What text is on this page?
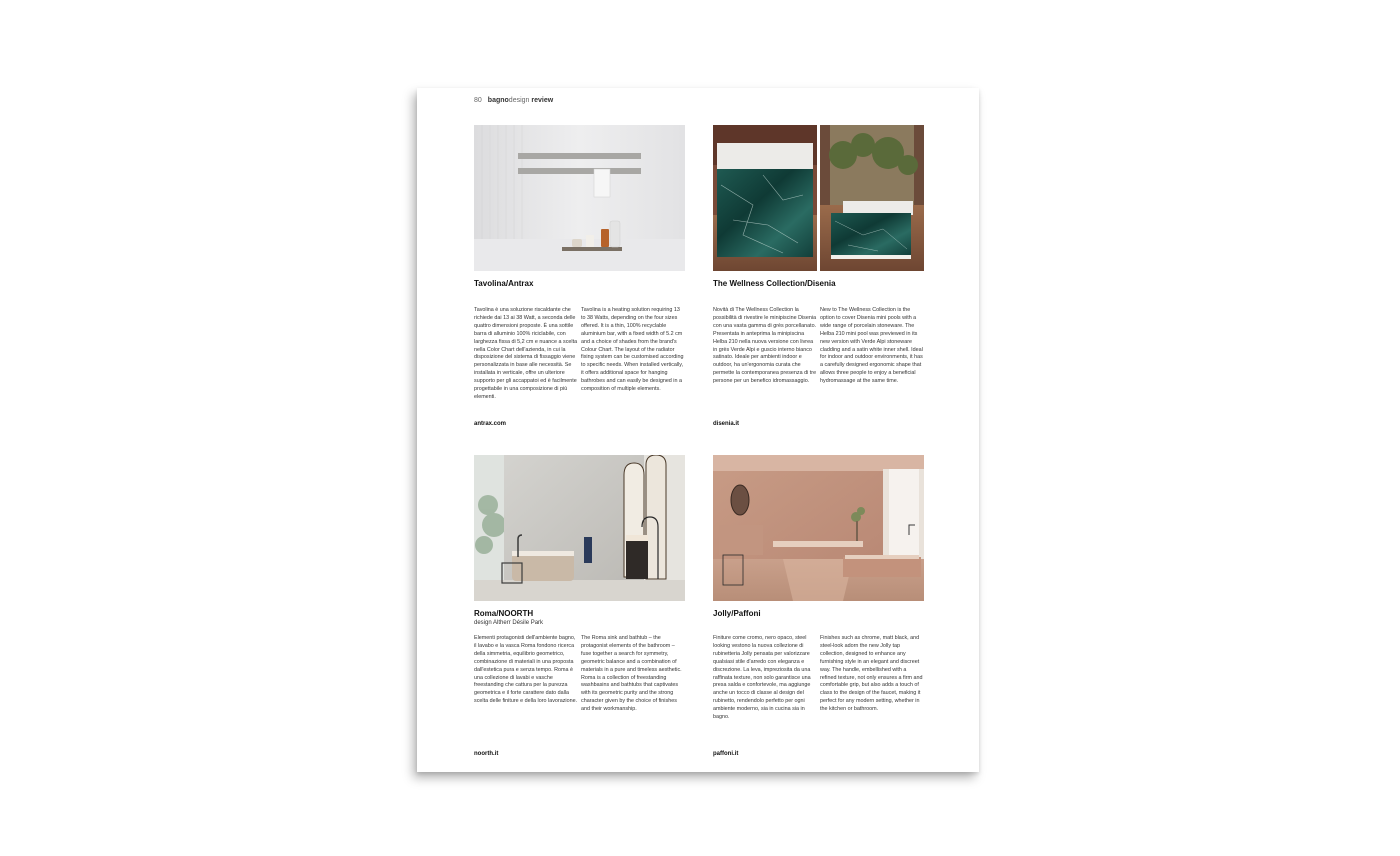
80 bagnodesign review
Tavolina/Antrax
Tavolina è una soluzione riscaldante che richiede dai 13 ai 38 Watt, a seconda delle quattro dimensioni proposte. È una sottile barra di alluminio 100% riciclabile, con larghezza fissa di 5,2 cm e nuance a scelta nella Color Chart dell'azienda, in cui la disposizione del sistema di fissaggio viene personalizzata in base alle necessità. Se installata in verticale, offre un ulteriore supporto per gli accappatoi ed è facilmente progettabile in una composizione di più elementi.
Tavolina is a heating solution requiring 13 to 38 Watts, depending on the four sizes offered. It is a thin, 100% recyclable aluminium bar, with a fixed width of 5.2 cm and a choice of shades from the brand's Colour Chart. The layout of the radiator fixing system can be customised according to specific needs. When installed vertically, it offers additional space for hanging bathrobes and can easily be designed in a composition of multiple elements.
antrax.com
The Wellness Collection/Disenia
Novità di The Wellness Collection la possibilità di rivestire le minipiscine Disenia con una vasta gamma di grès porcellanato. Presentata in anteprima la minipiscina Helba 210 nella nuova versione con livrea in grès Verde Alpi e guscio interno bianco satinato. Ideale per ambienti indoor e outdoor, ha un'ergonomia curata che permette la contemporanea presenza di tre persone per un benefico idromassaggio.
New to The Wellness Collection is the option to cover Disenia mini pools with a wide range of porcelain stoneware. The Helba 210 mini pool was previewed in its new version with Verde Alpi stoneware cladding and a satin white inner shell. Ideal for indoor and outdoor environments, it has a carefully designed ergonomic shape that allows three people to enjoy a beneficial hydromassage at the same time.
disenia.it
Roma/NOORTH
design Altherr Désile Park
Elementi protagonisti dell'ambiente bagno, il lavabo e la vasca Roma fondono ricerca della simmetria, equilibrio geometrico, combinazione di materiali in una proposta dall'estetica pura e senza tempo. Roma è una collezione di lavabi e vasche freestanding che cattura per la purezza geometrica e il forte carattere dato dalla scelta delle finiture e della loro lavorazione.
The Roma sink and bathtub – the protagonist elements of the bathroom – fuse together a search for symmetry, geometric balance and a combination of materials in a pure and timeless aesthetic. Roma is a collection of freestanding washbasins and bathtubs that captivates with its geometric purity and the strong character given by the choice of finishes and their workmanship.
noorth.it
Jolly/Paffoni
Finiture come cromo, nero opaco, steel looking vestono la nuova collezione di rubinetteria Jolly pensata per valorizzare qualsiasi stile d'arredo con eleganza e discrezione. La leva, impreziosita da una raffinata texture, non solo garantisce una presa salda e confortevole, ma aggiunge anche un tocco di classe al design del rubinetto, rendendolo perfetto per ogni ambiente moderno, sia in cucina sia in bagno.
Finishes such as chrome, matt black, and steel-look adorn the new Jolly tap collection, designed to enhance any furnishing style in an elegant and discreet way. The handle, embellished with a refined texture, not only ensures a firm and comfortable grip, but also adds a touch of class to the design of the faucet, making it perfect for any modern setting, whether in the kitchen or bathroom.
paffoni.it
